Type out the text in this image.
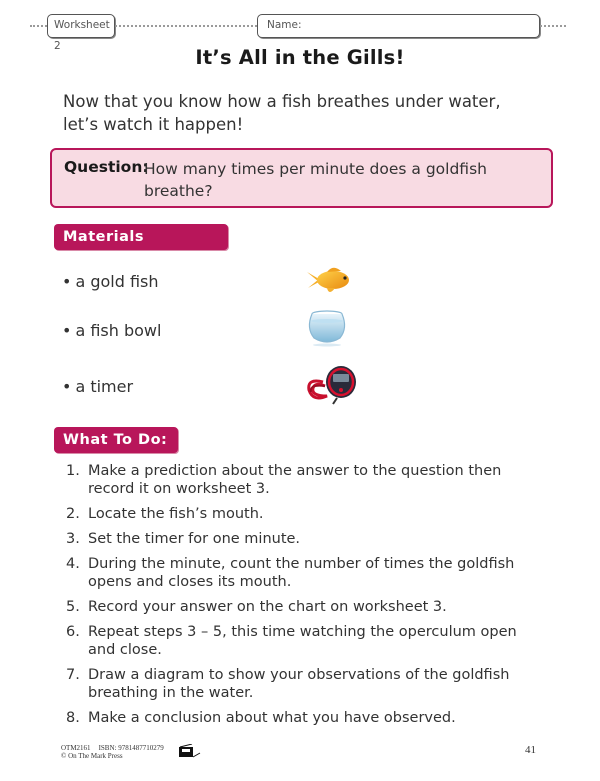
Worksheet 2
Name:
It’s All in the Gills!
Now that you know how a fish breathes under water,
let’s watch it happen!
Question:
How many times per minute does a goldfish
breathe?
Materials Needed:
• a gold fish
• a fish bowl
• a timer
What To Do:
1. Make a prediction about the answer to the question then
record it on worksheet 3.
2. Locate the fish’s mouth.
3. Set the timer for one minute.
4. During the minute, count the number of times the goldfish
opens and closes its mouth.
5. Record your answer on the chart on worksheet 3.
6. Repeat steps 3 – 5, this time watching the operculum open
and close.
7. Draw a diagram to show your observations of the goldfish
breathing in the water.
8. Make a conclusion about what you have observed.
OTM2161 ISBN: 9781487710279
© On The Mark Press	41
